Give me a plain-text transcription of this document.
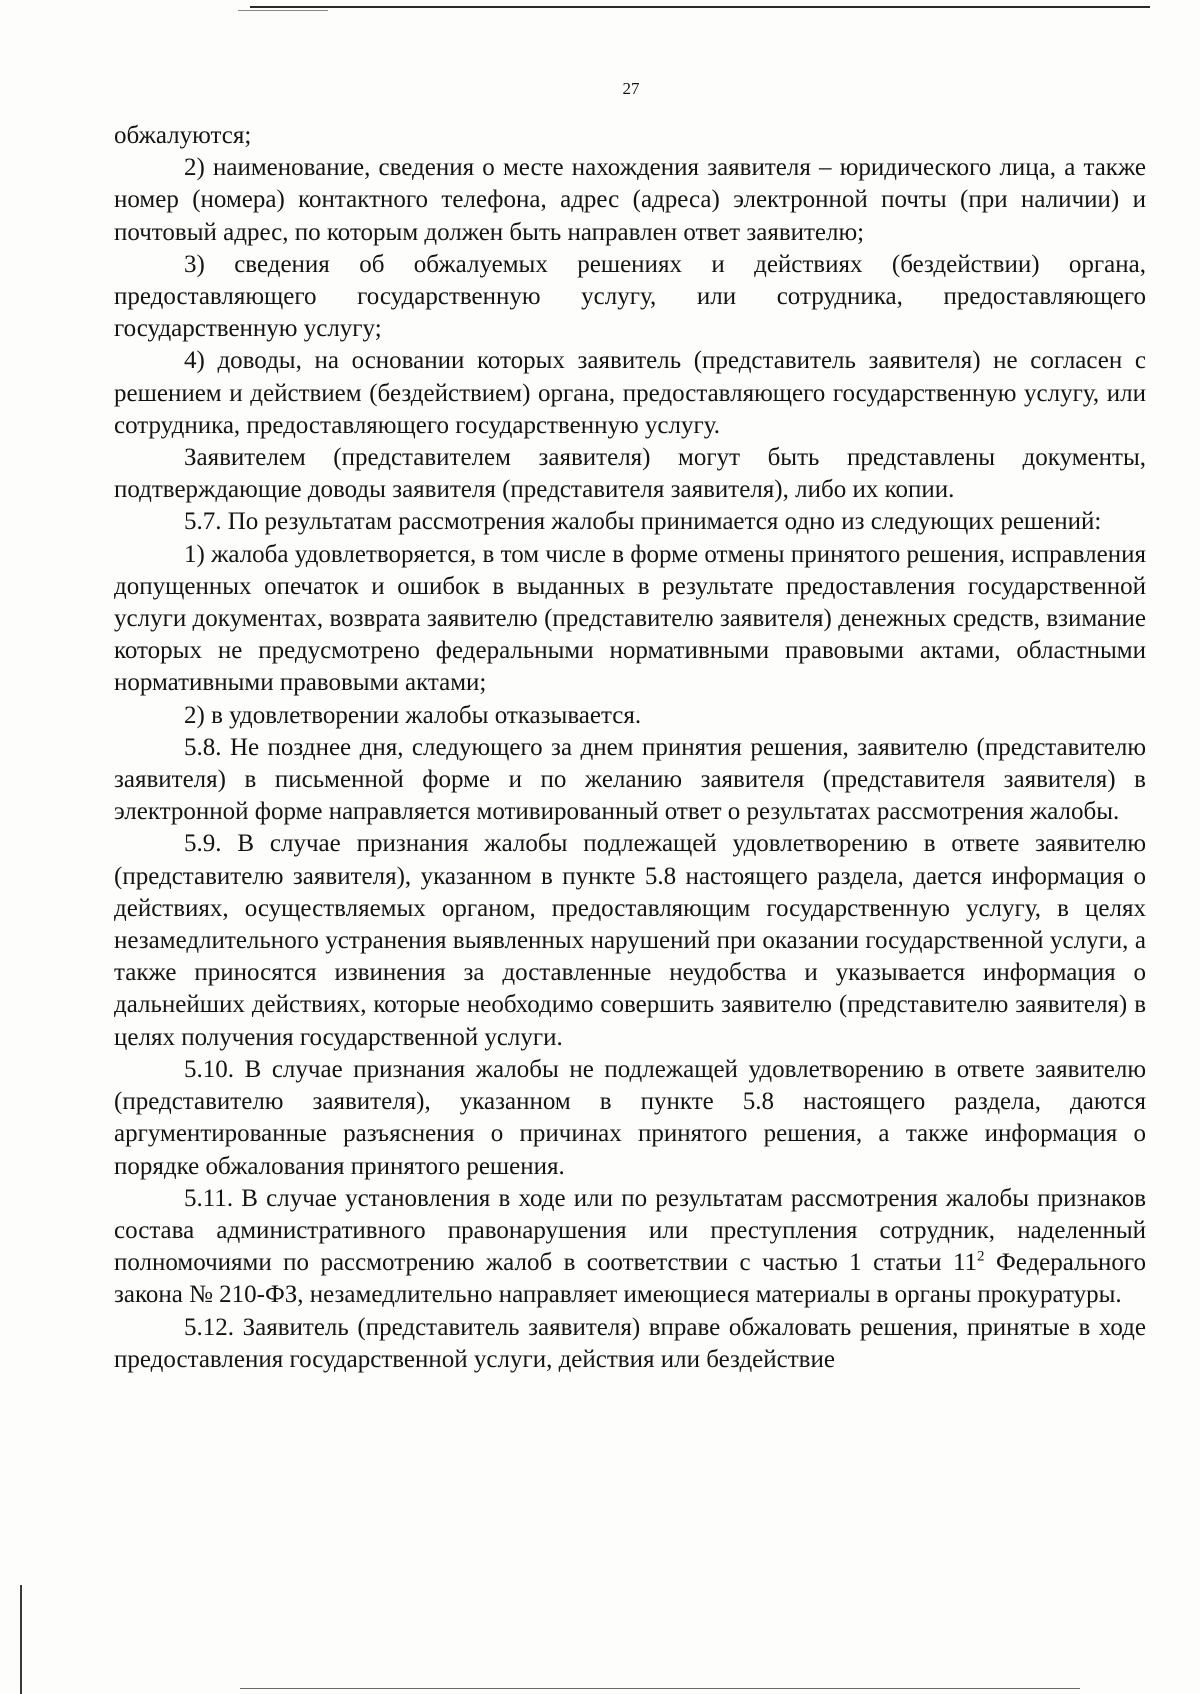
27

обжалуются;

2) наименование, сведения о месте нахождения заявителя – юридического лица, а также номер (номера) контактного телефона, адрес (адреса) электронной почты (при наличии) и почтовый адрес, по которым должен быть направлен ответ заявителю;

3) сведения об обжалуемых решениях и действиях (бездействии) органа, предоставляющего государственную услугу, или сотрудника, предоставляющего государственную услугу;

4) доводы, на основании которых заявитель (представитель заявителя) не согласен с решением и действием (бездействием) органа, предоставляющего государственную услугу, или сотрудника, предоставляющего государственную услугу.

Заявителем (представителем заявителя) могут быть представлены документы, подтверждающие доводы заявителя (представителя заявителя), либо их копии.

5.7. По результатам рассмотрения жалобы принимается одно из следующих решений:

1) жалоба удовлетворяется, в том числе в форме отмены принятого решения, исправления допущенных опечаток и ошибок в выданных в результате предоставления государственной услуги документах, возврата заявителю (представителю заявителя) денежных средств, взимание которых не предусмотрено федеральными нормативными правовыми актами, областными нормативными правовыми актами;

2) в удовлетворении жалобы отказывается.

5.8. Не позднее дня, следующего за днем принятия решения, заявителю (представителю заявителя) в письменной форме и по желанию заявителя (представителя заявителя) в электронной форме направляется мотивированный ответ о результатах рассмотрения жалобы.

5.9. В случае признания жалобы подлежащей удовлетворению в ответе заявителю (представителю заявителя), указанном в пункте 5.8 настоящего раздела, дается информация о действиях, осуществляемых органом, предоставляющим государственную услугу, в целях незамедлительного устранения выявленных нарушений при оказании государственной услуги, а также приносятся извинения за доставленные неудобства и указывается информация о дальнейших действиях, которые необходимо совершить заявителю (представителю заявителя) в целях получения государственной услуги.

5.10. В случае признания жалобы не подлежащей удовлетворению в ответе заявителю (представителю заявителя), указанном в пункте 5.8 настоящего раздела, даются аргументированные разъяснения о причинах принятого решения, а также информация о порядке обжалования принятого решения.

5.11. В случае установления в ходе или по результатам рассмотрения жалобы признаков состава административного правонарушения или преступления сотрудник, наделенный полномочиями по рассмотрению жалоб в соответствии с частью 1 статьи $11^2$ Федерального закона № 210-ФЗ, незамедлительно направляет имеющиеся материалы в органы прокуратуры.

5.12. Заявитель (представитель заявителя) вправе обжаловать решения, принятые в ходе предоставления государственной услуги, действия или бездействие
